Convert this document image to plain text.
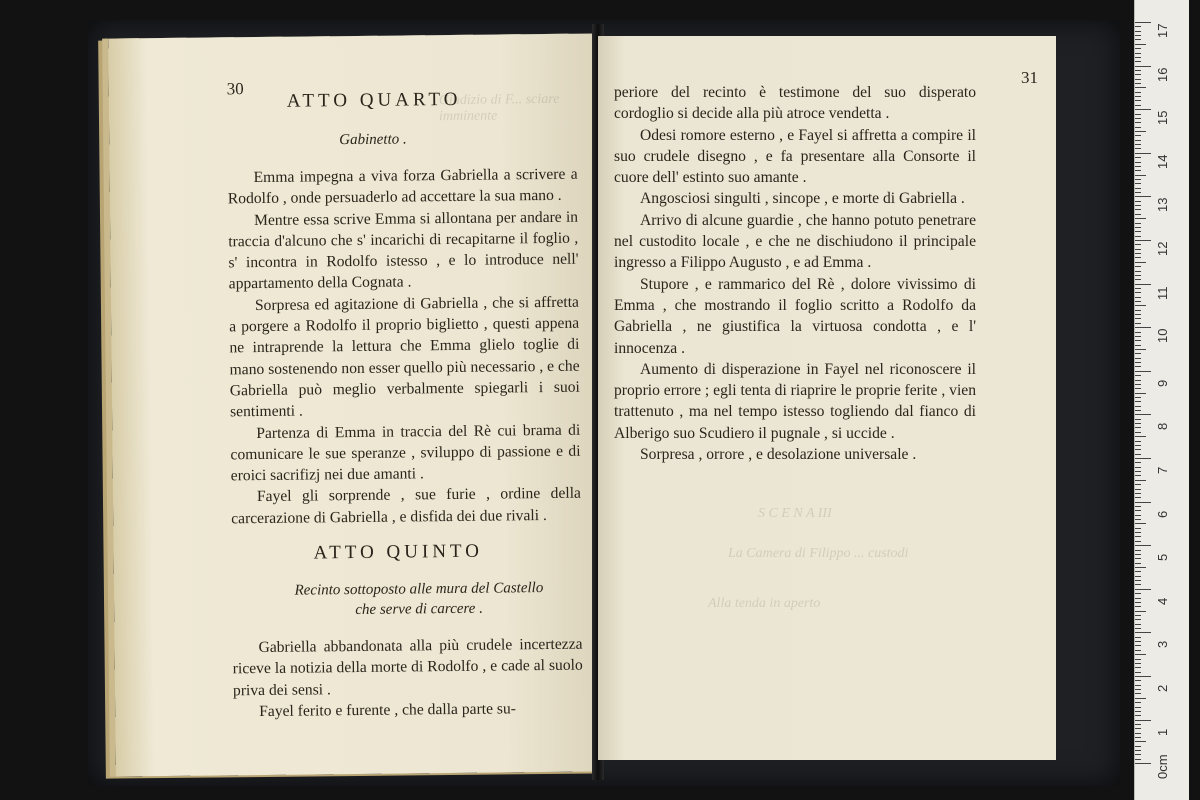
Giudizio di F... sciare imminente
30
ATTO QUARTO
Gabinetto .

Emma impegna a viva forza Gabriella a scrivere a Rodolfo , onde persuaderlo ad accettare la sua mano .

Mentre essa scrive Emma si allontana per andare in traccia d'alcuno che s' incarichi di recapitarne il foglio , s' incontra in Rodolfo istesso , e lo introduce nell' appartamento della Cognata .

Sorpresa ed agitazione di Gabriella , che si affretta a porgere a Rodolfo il proprio biglietto , questi appena ne intraprende la lettura che Emma glielo toglie di mano sostenendo non esser quello più necessario , e che Gabriella può meglio verbalmente spiegarli i suoi sentimenti .

Partenza di Emma in traccia del Rè cui brama di comunicare le sue speranze , sviluppo di passione e di eroici sacrifizj nei due amanti .

Fayel gli sorprende , sue furie , ordine della carcerazione di Gabriella , e disfida dei due rivali .

ATTO QUINTO
Recinto sottoposto alle mura del Castello
che serve di carcere .

Gabriella abbandonata alla più crudele incertezza riceve la notizia della morte di Rodolfo , e cade al suolo priva dei sensi .

Fayel ferito e furente , che dalla parte su-

31

periore del recinto è testimone del suo disperato cordoglio si decide alla più atroce vendetta .

Odesi romore esterno , e Fayel si affretta a compire il suo crudele disegno , e fa presentare alla Consorte il cuore dell' estinto suo amante .

Angosciosi singulti , sincope , e morte di Gabriella .

Arrivo di alcune guardie , che hanno potuto penetrare nel custodito locale , e che ne dischiudono il principale ingresso a Filippo Augusto , e ad Emma .

Stupore , e rammarico del Rè , dolore vivissimo di Emma , che mostrando il foglio scritto a Rodolfo da Gabriella , ne giustifica la virtuosa condotta , e l' innocenza .

Aumento di disperazione in Fayel nel riconoscere il proprio errore ; egli tenta di riaprire le proprie ferite , vien trattenuto , ma nel tempo istesso togliendo dal fianco di Alberigo suo Scudiero il pugnale , si uccide .

Sorpresa , orrore , e desolazione universale .

S C E N A III
La Camera di Filippo ... custodi
Alla tenda in aperto
17
16
15
14
13
12
11
10
9
8
7
6
5
4
3
2
1
0cm
